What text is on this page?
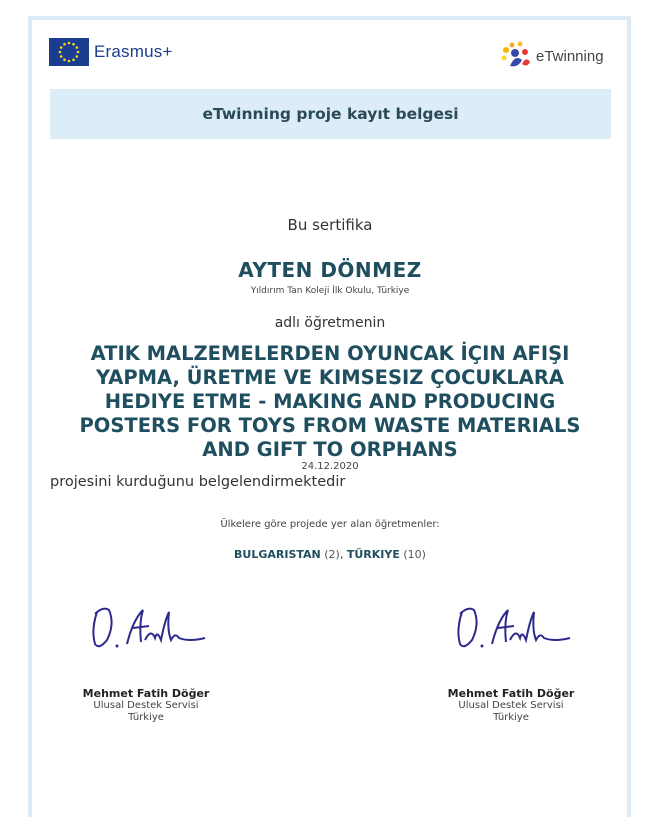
Erasmus+	eTwinning
eTwinning proje kayıt belgesi
Bu sertifika
AYTEN DÖNMEZ
Yıldırım Tan Koleji İlk Okulu, Türkiye
adlı öğretmenin
ATIK MALZEMELERDEN OYUNCAK İÇIN AFIŞI YAPMA, ÜRETME VE KIMSESIZ ÇOCUKLARA HEDIYE ETME - MAKING AND PRODUCING POSTERS FOR TOYS FROM WASTE MATERIALS AND GIFT TO ORPHANS
24.12.2020
projesini kurduğunu belgelendirmektedir
Ülkelere göre projede yer alan öğretmenler:
BULGARISTAN (2), TÜRKIYE (10)
Mehmet Fatih Döğer
Ulusal Destek Servisi
Türkiye
Mehmet Fatih Döğer
Ulusal Destek Servisi
Türkiye
